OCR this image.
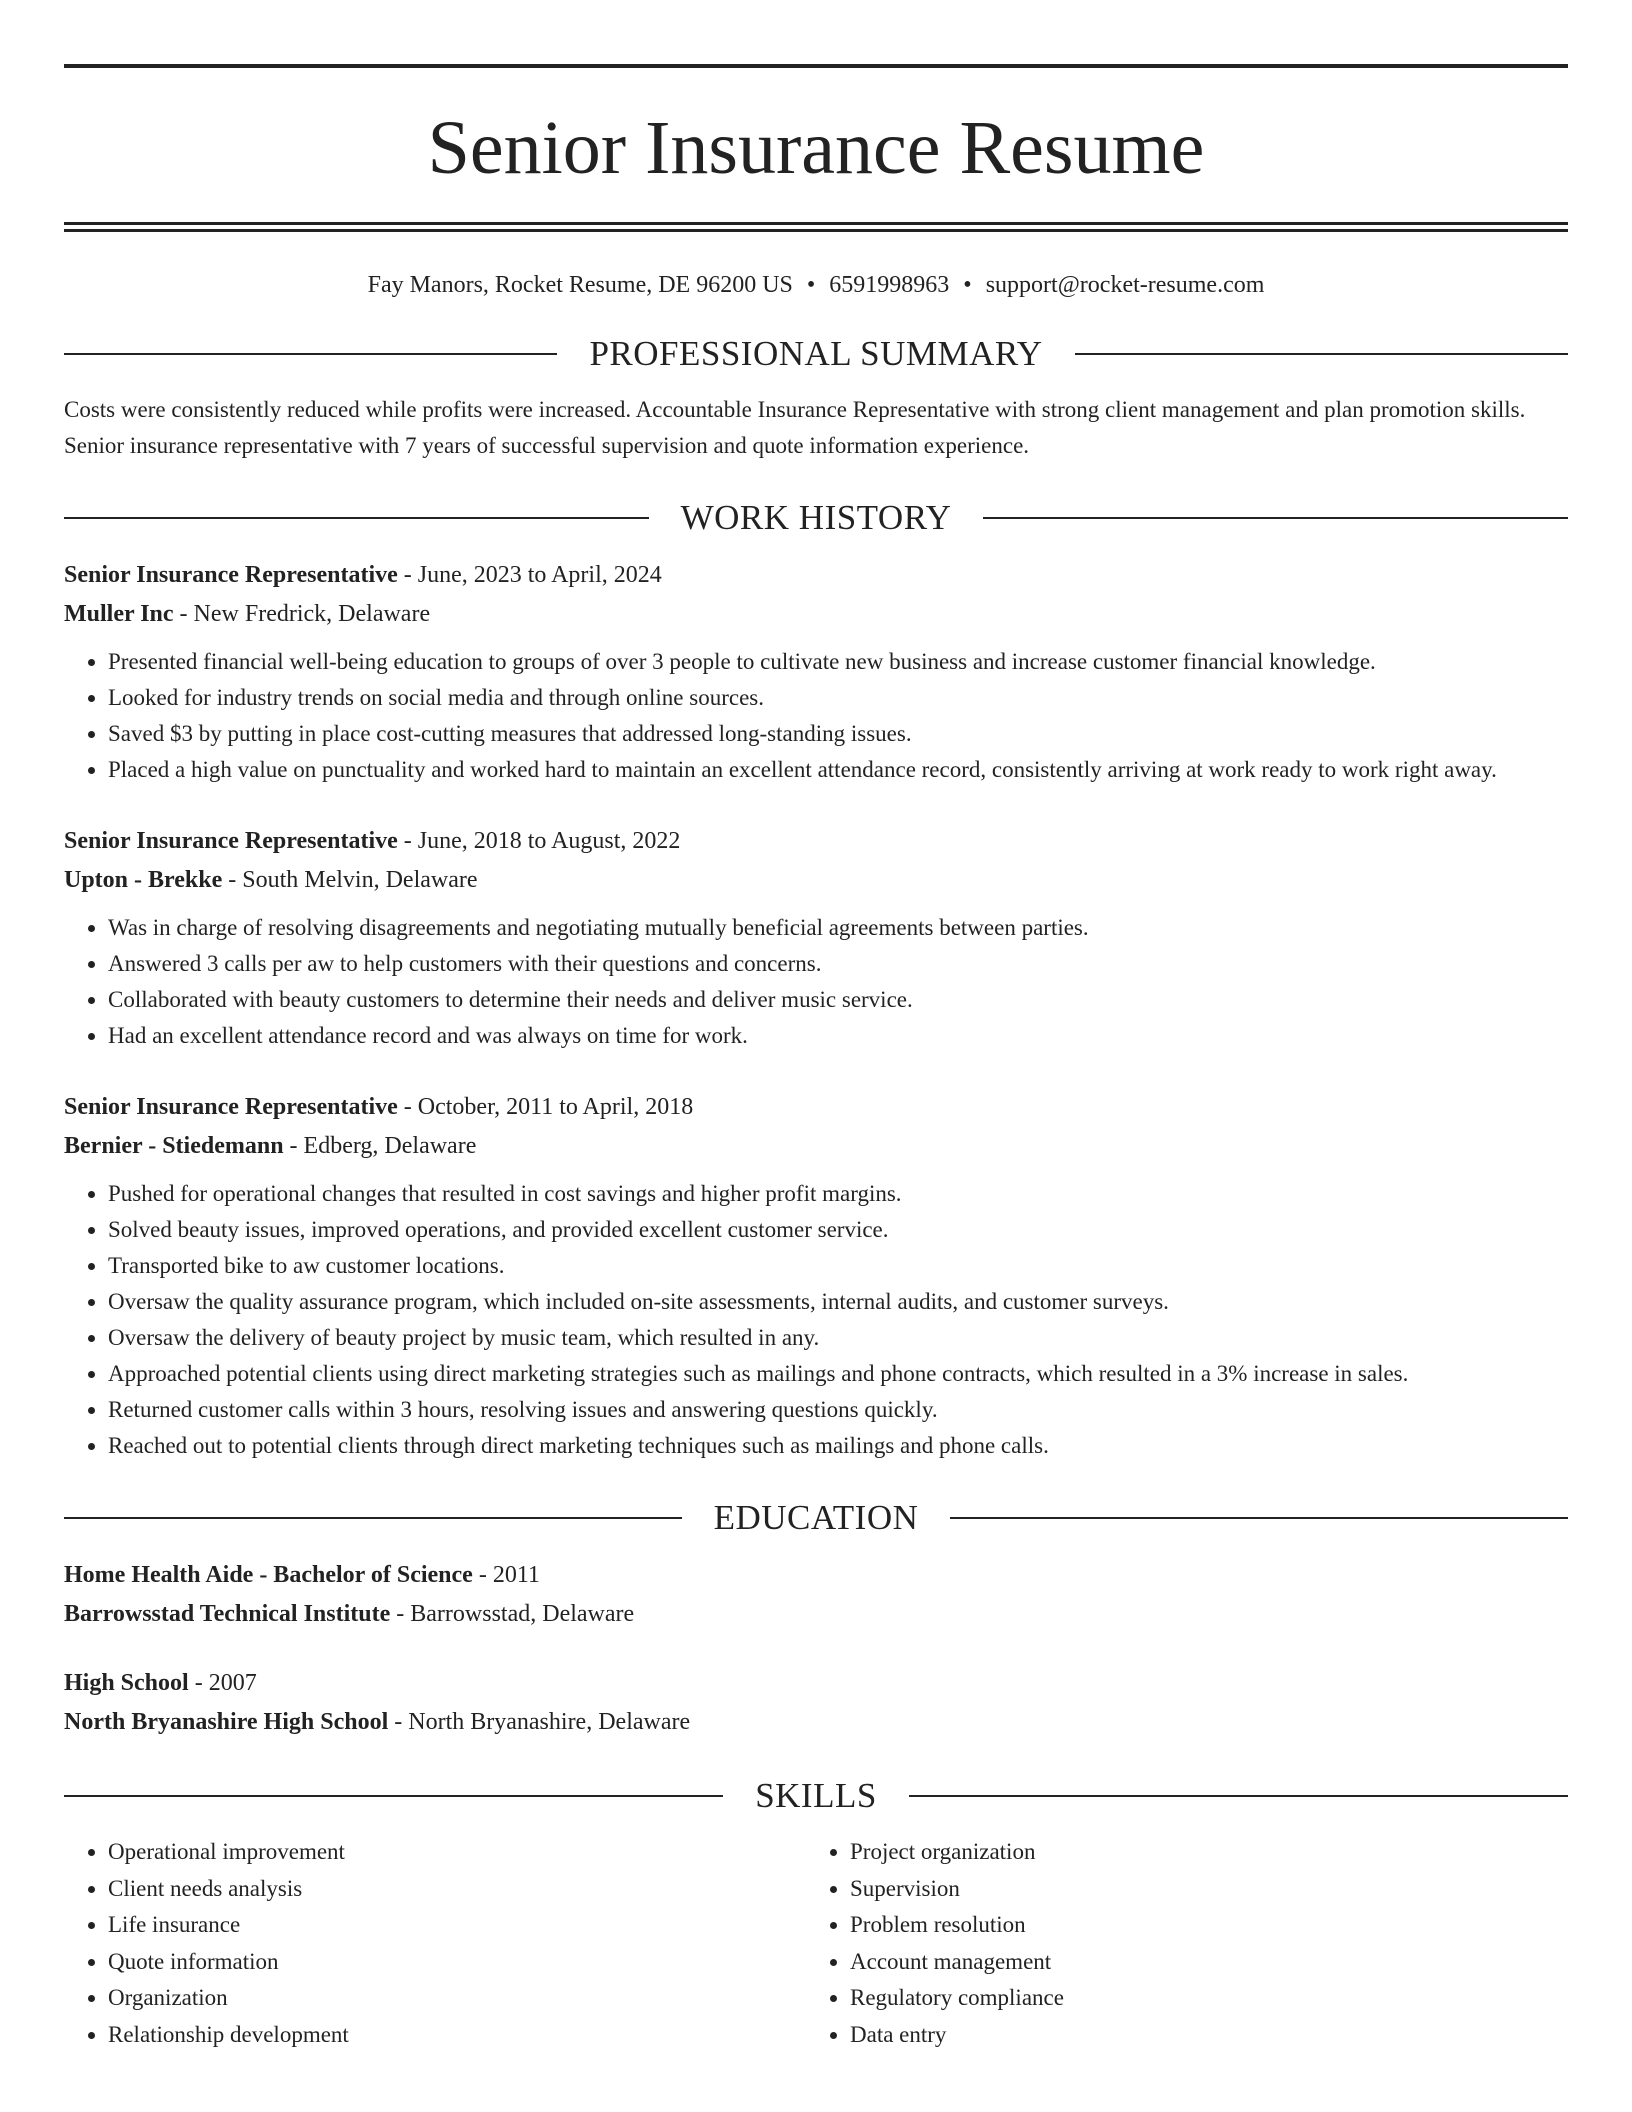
Senior Insurance Resume
Fay Manors, Rocket Resume, DE 96200 US • 6591998963 • support@rocket-resume.com
PROFESSIONAL SUMMARY

Costs were consistently reduced while profits were increased. Accountable Insurance Representative with strong client management and plan promotion skills. Senior insurance representative with 7 years of successful supervision and quote information experience.

WORK HISTORY
Senior Insurance Representative - June, 2023 to April, 2024
Muller Inc - New Fredrick, Delaware
• Presented financial well-being education to groups of over 3 people to cultivate new business and increase customer financial knowledge.
• Looked for industry trends on social media and through online sources.
• Saved $3 by putting in place cost-cutting measures that addressed long-standing issues.
• Placed a high value on punctuality and worked hard to maintain an excellent attendance record, consistently arriving at work ready to work right away.
Senior Insurance Representative - June, 2018 to August, 2022
Upton - Brekke - South Melvin, Delaware
• Was in charge of resolving disagreements and negotiating mutually beneficial agreements between parties.
• Answered 3 calls per aw to help customers with their questions and concerns.
• Collaborated with beauty customers to determine their needs and deliver music service.
• Had an excellent attendance record and was always on time for work.
Senior Insurance Representative - October, 2011 to April, 2018
Bernier - Stiedemann - Edberg, Delaware
• Pushed for operational changes that resulted in cost savings and higher profit margins.
• Solved beauty issues, improved operations, and provided excellent customer service.
• Transported bike to aw customer locations.
• Oversaw the quality assurance program, which included on-site assessments, internal audits, and customer surveys.
• Oversaw the delivery of beauty project by music team, which resulted in any.
• Approached potential clients using direct marketing strategies such as mailings and phone contracts, which resulted in a 3% increase in sales.
• Returned customer calls within 3 hours, resolving issues and answering questions quickly.
• Reached out to potential clients through direct marketing techniques such as mailings and phone calls.
EDUCATION
Home Health Aide - Bachelor of Science - 2011
Barrowsstad Technical Institute - Barrowsstad, Delaware
High School - 2007
North Bryanashire High School - North Bryanashire, Delaware
SKILLS
• Operational improvement
• Client needs analysis
• Life insurance
• Quote information
• Organization
• Relationship development
• Project organization
• Supervision
• Problem resolution
• Account management
• Regulatory compliance
• Data entry
